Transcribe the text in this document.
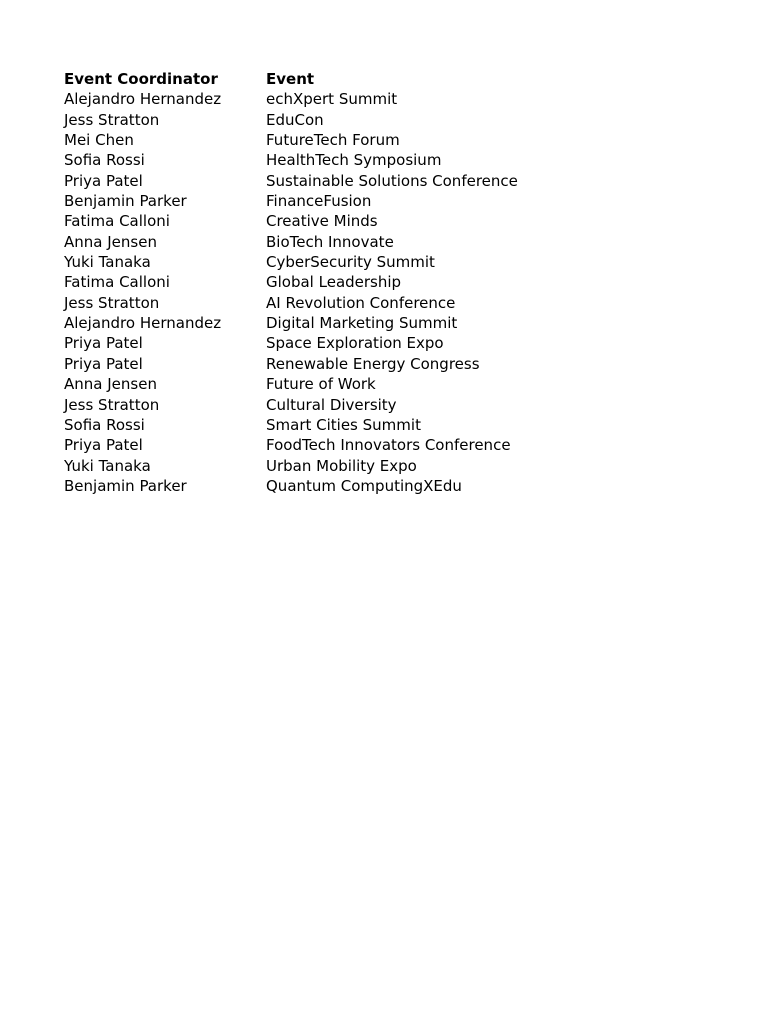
Event Coordinator	Event
Alejandro Hernandez	echXpert Summit
Jess Stratton	EduCon
Mei Chen	FutureTech Forum
Sofia Rossi	HealthTech Symposium
Priya Patel	Sustainable Solutions Conference
Benjamin Parker	FinanceFusion
Fatima Calloni	Creative Minds
Anna Jensen	BioTech Innovate
Yuki Tanaka	CyberSecurity Summit
Fatima Calloni	Global Leadership
Jess Stratton	AI Revolution Conference
Alejandro Hernandez	Digital Marketing Summit
Priya Patel	Space Exploration Expo
Priya Patel	Renewable Energy Congress
Anna Jensen	Future of Work
Jess Stratton	Cultural Diversity
Sofia Rossi	Smart Cities Summit
Priya Patel	FoodTech Innovators Conference
Yuki Tanaka	Urban Mobility Expo
Benjamin Parker	Quantum ComputingXEdu
